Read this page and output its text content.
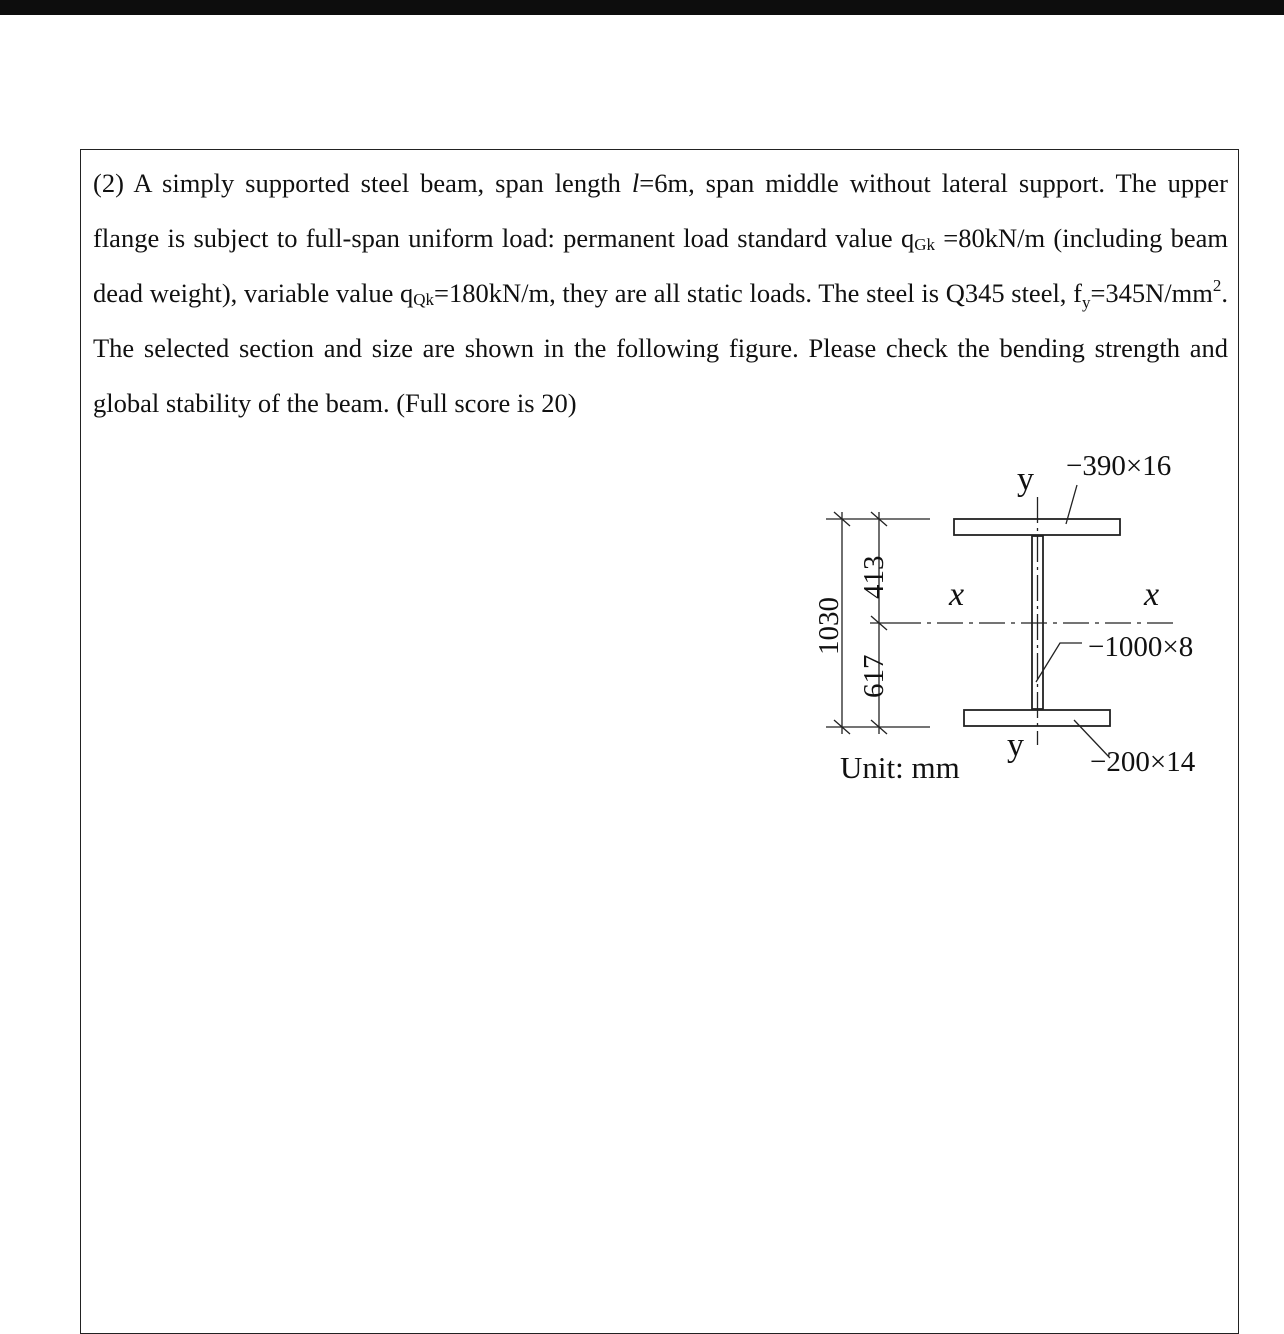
(2) A simply supported steel beam, span length l=6m, span middle without lateral support. The upper flange is subject to full-span uniform load: permanent load standard value $q_{Gk} =80kN/m$ (including beam dead weight), variable value $q_{Qk}=180kN/m$, they are all static loads. The steel is Q345 steel, $f_y=345N/mm^2$. The selected section and size are shown in the following figure. Please check the bending strength and global stability of the beam. (Full score is 20)

−390×16
−1000×8
−200×14
y
y
x	x
1030
413
617
Unit: mm
